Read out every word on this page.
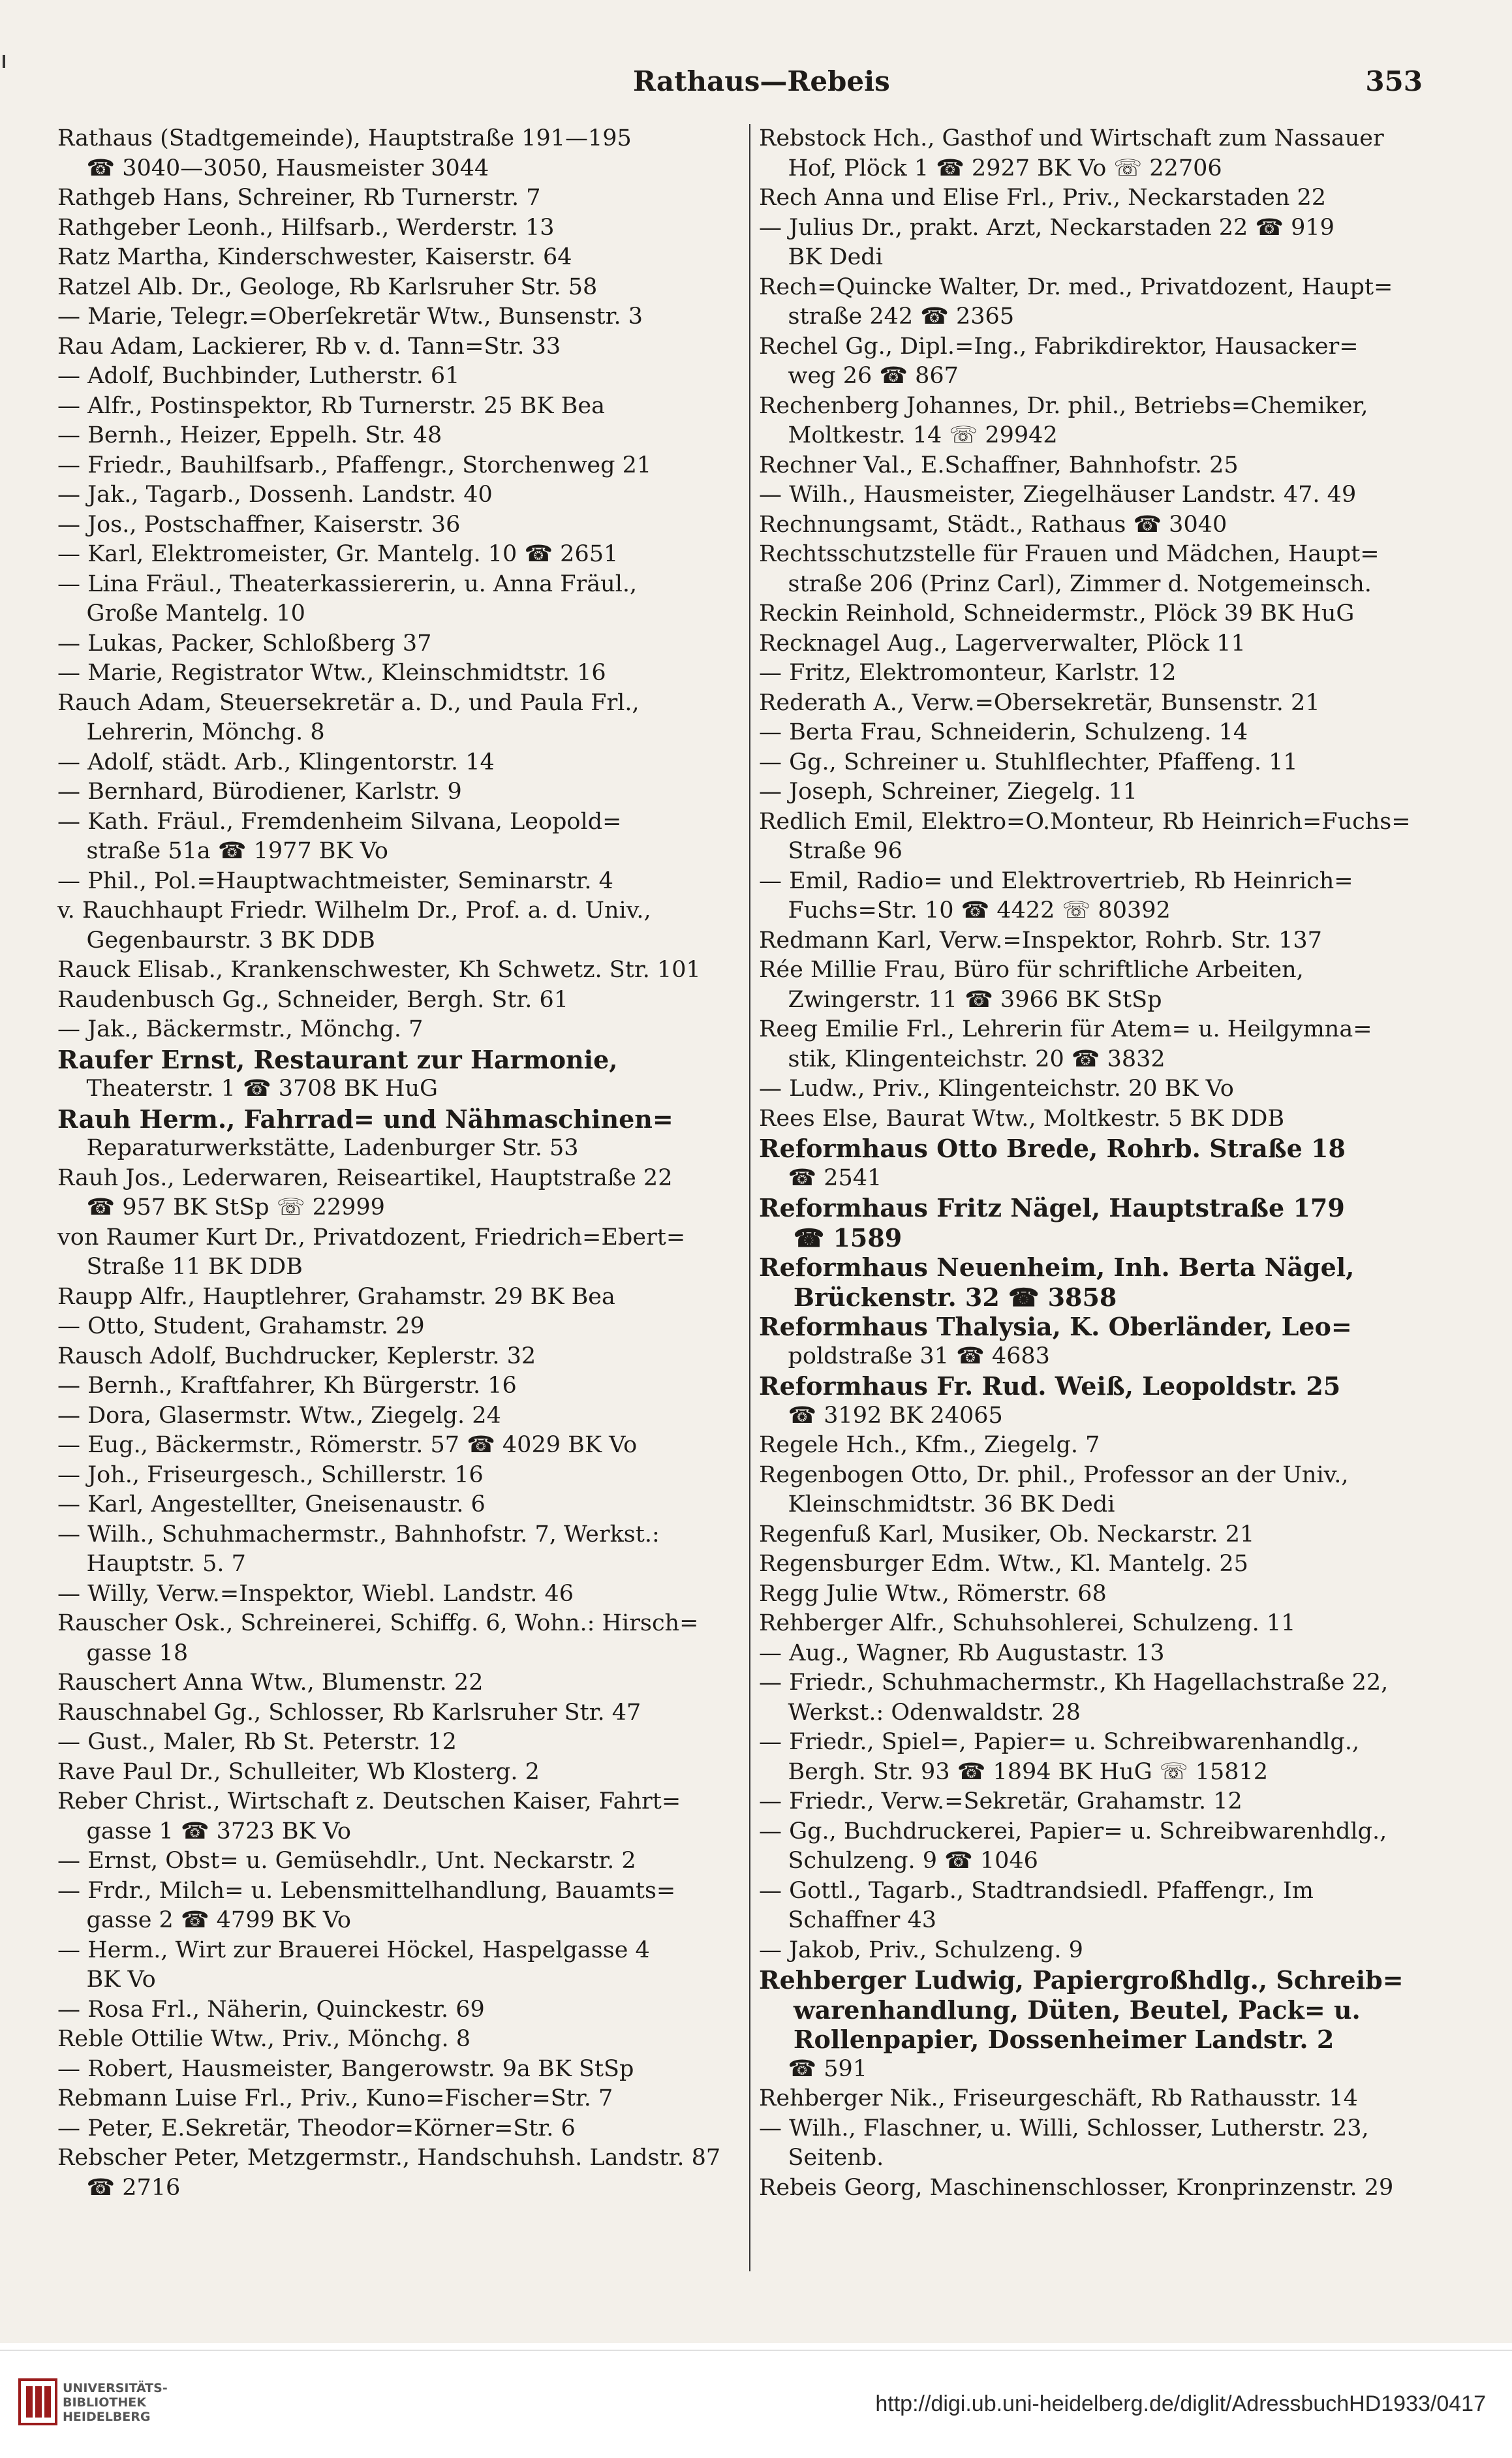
Rathaus—Rebeis	353
Rathaus (Stadtgemeinde), Hauptstraße 191—195
☎ 3040—3050, Hausmeister 3044
Rathgeb Hans, Schreiner, Rb Turnerstr. 7
Rathgeber Leonh., Hilfsarb., Werderstr. 13
Ratz Martha, Kinderschwester, Kaiserstr. 64
Ratzel Alb. Dr., Geologe, Rb Karlsruher Str. 58
— Marie, Telegr.=Oberſekretär Wtw., Bunsenstr. 3
Rau Adam, Lackierer, Rb v. d. Tann=Str. 33
— Adolf, Buchbinder, Lutherstr. 61
— Alfr., Postinspektor, Rb Turnerstr. 25 BK Bea
— Bernh., Heizer, Eppelh. Str. 48
— Friedr., Bauhilfsarb., Pfaffengr., Storchenweg 21
— Jak., Tagarb., Dossenh. Landstr. 40
— Jos., Postschaffner, Kaiserstr. 36
— Karl, Elektromeister, Gr. Mantelg. 10 ☎ 2651
— Lina Fräul., Theaterkassiererin, u. Anna Fräul.,
Große Mantelg. 10
— Lukas, Packer, Schloßberg 37
— Marie, Registrator Wtw., Kleinschmidtstr. 16
Rauch Adam, Steuersekretär a. D., und Paula Frl.,
Lehrerin, Mönchg. 8
— Adolf, städt. Arb., Klingentorstr. 14
— Bernhard, Bürodiener, Karlstr. 9
— Kath. Fräul., Fremdenheim Silvana, Leopold=
straße 51a ☎ 1977 BK Vo
— Phil., Pol.=Hauptwachtmeister, Seminarstr. 4
v. Rauchhaupt Friedr. Wilhelm Dr., Prof. a. d. Univ.,
Gegenbaurstr. 3 BK DDB
Rauck Elisab., Krankenschwester, Kh Schwetz. Str. 101
Raudenbusch Gg., Schneider, Bergh. Str. 61
— Jak., Bäckermstr., Mönchg. 7
Raufer Ernst, Restaurant zur Harmonie,
Theaterstr. 1 ☎ 3708 BK HuG
Rauh Herm., Fahrrad= und Nähmaschinen=
Reparaturwerkstätte, Ladenburger Str. 53
Rauh Jos., Lederwaren, Reiseartikel, Hauptstraße 22
☎ 957 BK StSp ☏ 22999
von Raumer Kurt Dr., Privatdozent, Friedrich=Ebert=
Straße 11 BK DDB
Raupp Alfr., Hauptlehrer, Grahamstr. 29 BK Bea
— Otto, Student, Grahamstr. 29
Rausch Adolf, Buchdrucker, Keplerstr. 32
— Bernh., Kraftfahrer, Kh Bürgerstr. 16
— Dora, Glasermstr. Wtw., Ziegelg. 24
— Eug., Bäckermstr., Römerstr. 57 ☎ 4029 BK Vo
— Joh., Friseurgesch., Schillerstr. 16
— Karl, Angestellter, Gneisenaustr. 6
— Wilh., Schuhmachermstr., Bahnhofstr. 7, Werkst.:
Hauptstr. 5. 7
— Willy, Verw.=Inspektor, Wiebl. Landstr. 46
Rauscher Osk., Schreinerei, Schiffg. 6, Wohn.: Hirsch=
gasse 18
Rauschert Anna Wtw., Blumenstr. 22
Rauschnabel Gg., Schlosser, Rb Karlsruher Str. 47
— Gust., Maler, Rb St. Peterstr. 12
Rave Paul Dr., Schulleiter, Wb Klosterg. 2
Reber Christ., Wirtschaft z. Deutschen Kaiser, Fahrt=
gasse 1 ☎ 3723 BK Vo
— Ernst, Obst= u. Gemüsehdlr., Unt. Neckarstr. 2
— Frdr., Milch= u. Lebensmittelhandlung, Bauamts=
gasse 2 ☎ 4799 BK Vo
— Herm., Wirt zur Brauerei Höckel, Haspelgasse 4
BK Vo
— Rosa Frl., Näherin, Quinckestr. 69
Reble Ottilie Wtw., Priv., Mönchg. 8
— Robert, Hausmeister, Bangerowstr. 9a BK StSp
Rebmann Luise Frl., Priv., Kuno=Fischer=Str. 7
— Peter, E.Sekretär, Theodor=Körner=Str. 6
Rebscher Peter, Metzgermstr., Handschuhsh. Landstr. 87
☎ 2716
Rebstock Hch., Gasthof und Wirtschaft zum Nassauer
Hof, Plöck 1 ☎ 2927 BK Vo ☏ 22706
Rech Anna und Elise Frl., Priv., Neckarstaden 22
— Julius Dr., prakt. Arzt, Neckarstaden 22 ☎ 919
BK Dedi
Rech=Quincke Walter, Dr. med., Privatdozent, Haupt=
straße 242 ☎ 2365
Rechel Gg., Dipl.=Ing., Fabrikdirektor, Hausacker=
weg 26 ☎ 867
Rechenberg Johannes, Dr. phil., Betriebs=Chemiker,
Moltkestr. 14 ☏ 29942
Rechner Val., E.Schaffner, Bahnhofstr. 25
— Wilh., Hausmeister, Ziegelhäuser Landstr. 47. 49
Rechnungsamt, Städt., Rathaus ☎ 3040
Rechtsschutzstelle für Frauen und Mädchen, Haupt=
straße 206 (Prinz Carl), Zimmer d. Notgemeinsch.
Reckin Reinhold, Schneidermstr., Plöck 39 BK HuG
Recknagel Aug., Lagerverwalter, Plöck 11
— Fritz, Elektromonteur, Karlstr. 12
Rederath A., Verw.=Obersekretär, Bunsenstr. 21
— Berta Frau, Schneiderin, Schulzeng. 14
— Gg., Schreiner u. Stuhlflechter, Pfaffeng. 11
— Joseph, Schreiner, Ziegelg. 11
Redlich Emil, Elektro=O.Monteur, Rb Heinrich=Fuchs=
Straße 96
— Emil, Radio= und Elektrovertrieb, Rb Heinrich=
Fuchs=Str. 10 ☎ 4422 ☏ 80392
Redmann Karl, Verw.=Inspektor, Rohrb. Str. 137
Rée Millie Frau, Büro für schriftliche Arbeiten,
Zwingerstr. 11 ☎ 3966 BK StSp
Reeg Emilie Frl., Lehrerin für Atem= u. Heilgymna=
stik, Klingenteichstr. 20 ☎ 3832
— Ludw., Priv., Klingenteichstr. 20 BK Vo
Rees Else, Baurat Wtw., Moltkestr. 5 BK DDB
Reformhaus Otto Brede, Rohrb. Straße 18
☎ 2541
Reformhaus Fritz Nägel, Hauptstraße 179
☎ 1589
Reformhaus Neuenheim, Inh. Berta Nägel,
Brückenstr. 32 ☎ 3858
Reformhaus Thalysia, K. Oberländer, Leo=
poldstraße 31 ☎ 4683
Reformhaus Fr. Rud. Weiß, Leopoldstr. 25
☎ 3192 BK 24065
Regele Hch., Kfm., Ziegelg. 7
Regenbogen Otto, Dr. phil., Professor an der Univ.,
Kleinschmidtstr. 36 BK Dedi
Regenfuß Karl, Musiker, Ob. Neckarstr. 21
Regensburger Edm. Wtw., Kl. Mantelg. 25
Regg Julie Wtw., Römerstr. 68
Rehberger Alfr., Schuhsohlerei, Schulzeng. 11
— Aug., Wagner, Rb Augustastr. 13
— Friedr., Schuhmachermstr., Kh Hagellachstraße 22,
Werkst.: Odenwaldstr. 28
— Friedr., Spiel=, Papier= u. Schreibwarenhandlg.,
Bergh. Str. 93 ☎ 1894 BK HuG ☏ 15812
— Friedr., Verw.=Sekretär, Grahamstr. 12
— Gg., Buchdruckerei, Papier= u. Schreibwarenhdlg.,
Schulzeng. 9 ☎ 1046
— Gottl., Tagarb., Stadtrandsiedl. Pfaffengr., Im
Schaffner 43
— Jakob, Priv., Schulzeng. 9
Rehberger Ludwig, Papiergroßhdlg., Schreib=
warenhandlung, Düten, Beutel, Pack= u.
Rollenpapier, Dossenheimer Landstr. 2
☎ 591
Rehberger Nik., Friseurgeschäft, Rb Rathausstr. 14
— Wilh., Flaschner, u. Willi, Schlosser, Lutherstr. 23,
Seitenb.
Rebeis Georg, Maschinenschlosser, Kronprinzenstr. 29
UNIVERSITÄTS-
BIBLIOTHEK
HEIDELBERG
http://digi.ub.uni-heidelberg.de/diglit/AdressbuchHD1933/0417
